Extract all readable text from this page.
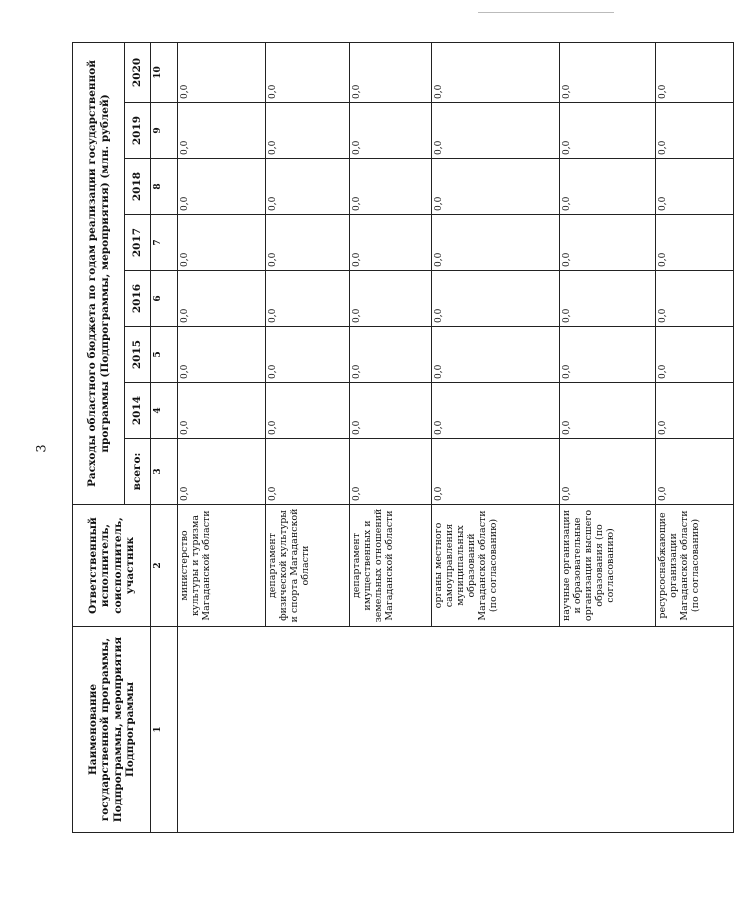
3
Наименование государственной программы, Подпрограммы, мероприятия Подпрограммы	Ответственный исполнитель, соисполнитель, участник	Расходы областного бюджета по годам реализации государственной программы (Подпрограммы, мероприятия) (млн. рублей)							
		всего:	2014	2015	2016	2017	2018	2019	2020
1	2	3	4	5	6	7	8	9	10
	министерство культуры и туризма Магаданской области	0,0	0,0	0,0	0,0	0,0	0,0	0,0	0,0
	департамент физической культуры и спорта Магаданской области	0,0	0,0	0,0	0,0	0,0	0,0	0,0	0,0
	департамент имущественных и земельных отношений Магаданской области	0,0	0,0	0,0	0,0	0,0	0,0	0,0	0,0
	органы местного самоуправления муниципальных образований Магаданской области (по согласованию)	0,0	0,0	0,0	0,0	0,0	0,0	0,0	0,0
	научные организации и образовательные организации высшего образования (по согласованию)	0,0	0,0	0,0	0,0	0,0	0,0	0,0	0,0
	ресурсоснабжающие организации Магаданской области (по согласованию)	0,0	0,0	0,0	0,0	0,0	0,0	0,0	0,0
